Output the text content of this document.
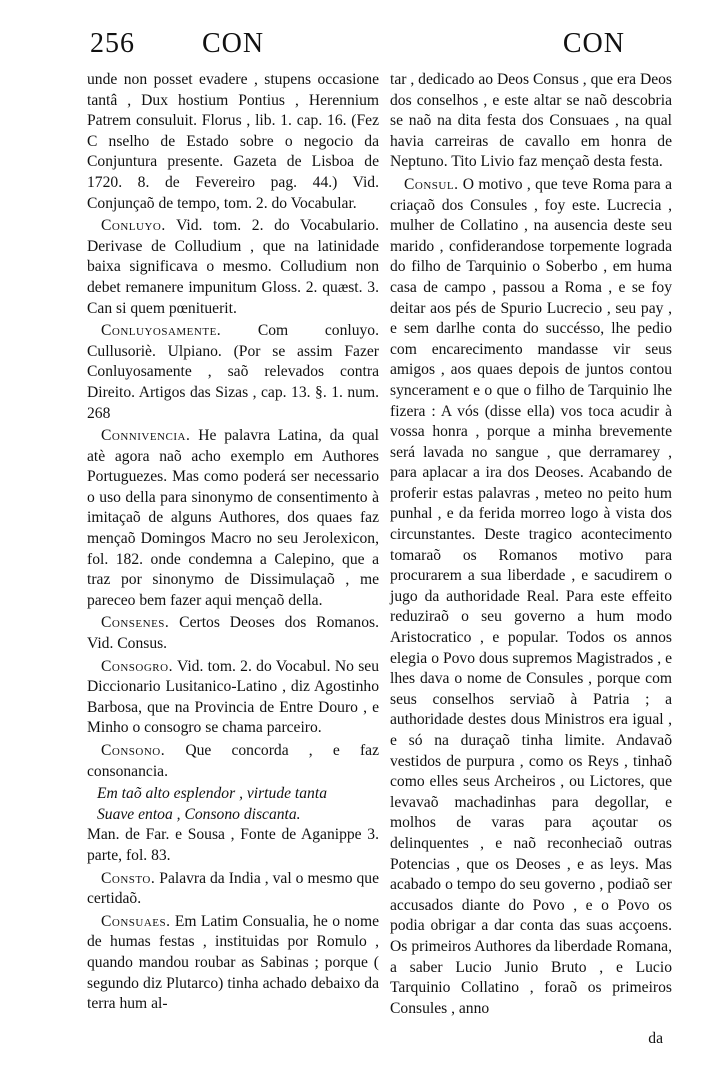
256 CON	CON

unde non posset evadere , stupens occasione tantâ , Dux hostium Pontius , Herennium Patrem consuluit. Florus , lib. 1. cap. 16. (Fez C nselho de Estado sobre o negocio da Conjuntura presente. Gazeta de Lisboa de 1720. 8. de Fevereiro pag. 44.) Vid. Conjunçaõ de tempo, tom. 2. do Vocabular.

Conluyo. Vid. tom. 2. do Vocabulario. Derivase de Colludium , que na latinidade baixa significava o mesmo. Colludium non debet remanere impunitum Gloss. 2. quæst. 3. Can si quem pœnituerit.

Conluyosamente. Com conluyo. Cullusoriè. Ulpiano. (Por se assim Fazer Conluyosamente , saõ relevados contra Direito. Artigos das Sizas , cap. 13. §. 1. num. 268

Connivencia. He palavra Latina, da qual atè agora naõ acho exemplo em Authores Portuguezes. Mas como poderá ser necessario o uso della para sinonymo de consentimento à imitaçaõ de alguns Authores, dos quaes faz mençaõ Domingos Macro no seu Jerolexicon, fol. 182. onde condemna a Calepino, que a traz por sinonymo de Dissimulaçaõ , me pareceo bem fazer aqui mençaõ della.

Consenes. Certos Deoses dos Romanos. Vid. Consus.

Consogro. Vid. tom. 2. do Vocabul. No seu Diccionario Lusitanico-Latino , diz Agostinho Barbosa, que na Provincia de Entre Douro , e Minho o consogro se chama parceiro.

Consono. Que concorda , e faz consonancia.

Em taõ alto esplendor , virtude tanta

Suave entoa , Consono discanta.

Man. de Far. e Sousa , Fonte de Aganippe 3. parte, fol. 83.

Consto. Palavra da India , val o mesmo que certidaõ.

Consuaes. Em Latim Consualia, he o nome de humas festas , instituidas por Romulo , quando mandou roubar as Sabinas ; porque ( segundo diz Plutarco) tinha achado debaixo da terra hum al-

tar , dedicado ao Deos Consus , que era Deos dos conselhos , e este altar se naõ descobria se naõ na dita festa dos Consuaes , na qual havia carreiras de cavallo em honra de Neptuno. Tito Livio faz mençaõ desta festa.

Consul. O motivo , que teve Roma para a criaçaõ dos Consules , foy este. Lucrecia , mulher de Collatino , na ausencia deste seu marido , confiderandose torpemente lograda do filho de Tarquinio o Soberbo , em huma casa de campo , passou a Roma , e se foy deitar aos pés de Spurio Lucrecio , seu pay , e sem darlhe conta do succésso, lhe pedio com encarecimento mandasse vir seus amigos , aos quaes depois de juntos contou syncerament e o que o filho de Tarquinio lhe fizera : A vós (disse ella) vos toca acudir à vossa honra , porque a minha brevemente será lavada no sangue , que derramarey , para aplacar a ira dos Deoses. Acabando de proferir estas palavras , meteo no peito hum punhal , e da ferida morreo logo à vista dos circunstantes. Deste tragico acontecimento tomaraõ os Romanos motivo para procurarem a sua liberdade , e sacudirem o jugo da authoridade Real. Para este effeito reduziraõ o seu governo a hum modo Aristocratico , e popular. Todos os annos elegia o Povo dous supremos Magistrados , e lhes dava o nome de Consules , porque com seus conselhos serviaõ à Patria ; a authoridade destes dous Ministros era igual , e só na duraçaõ tinha limite. Andavaõ vestidos de purpura , como os Reys , tinhaõ como elles seus Archeiros , ou Lictores, que levavaõ machadinhas para degollar, e molhos de varas para açoutar os delinquentes , e naõ reconheciaõ outras Potencias , que os Deoses , e as leys. Mas acabado o tempo do seu governo , podiaõ ser accusados diante do Povo , e o Povo os podia obrigar a dar conta das suas acçoens. Os primeiros Authores da liberdade Romana, a saber Lucio Junio Bruto , e Lucio Tarquinio Collatino , foraõ os primeiros Consules , anno

da
